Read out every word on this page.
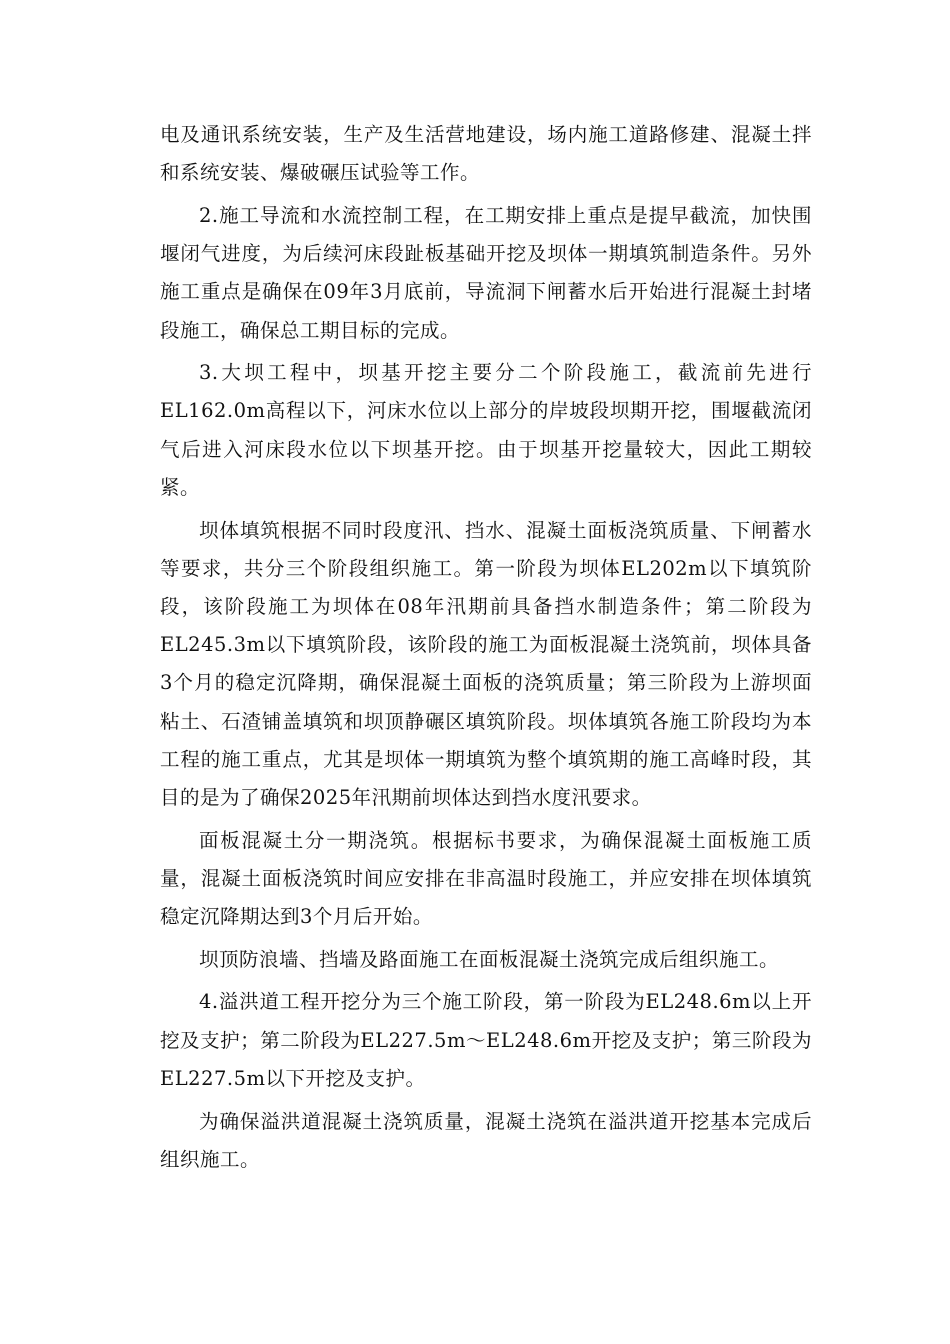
电及通讯系统安装，生产及生活营地建设，场内施工道路修建、混凝土拌和系统安装、爆破碾压试验等工作。

2.施工导流和水流控制工程，在工期安排上重点是提早截流，加快围堰闭气进度，为后续河床段趾板基础开挖及坝体一期填筑制造条件。另外施工重点是确保在09年3月底前，导流洞下闸蓄水后开始进行混凝土封堵段施工，确保总工期目标的完成。

3.大坝工程中，坝基开挖主要分二个阶段施工，截流前先进行EL162.0m高程以下，河床水位以上部分的岸坡段坝期开挖，围堰截流闭气后进入河床段水位以下坝基开挖。由于坝基开挖量较大，因此工期较紧。

坝体填筑根据不同时段度汛、挡水、混凝土面板浇筑质量、下闸蓄水等要求，共分三个阶段组织施工。第一阶段为坝体EL202m以下填筑阶段，该阶段施工为坝体在08年汛期前具备挡水制造条件；第二阶段为EL245.3m以下填筑阶段，该阶段的施工为面板混凝土浇筑前，坝体具备3个月的稳定沉降期，确保混凝土面板的浇筑质量；第三阶段为上游坝面粘土、石渣铺盖填筑和坝顶静碾区填筑阶段。坝体填筑各施工阶段均为本工程的施工重点，尤其是坝体一期填筑为整个填筑期的施工高峰时段，其目的是为了确保2025年汛期前坝体达到挡水度汛要求。

面板混凝土分一期浇筑。根据标书要求，为确保混凝土面板施工质量，混凝土面板浇筑时间应安排在非高温时段施工，并应安排在坝体填筑稳定沉降期达到3个月后开始。

坝顶防浪墙、挡墙及路面施工在面板混凝土浇筑完成后组织施工。

4.溢洪道工程开挖分为三个施工阶段，第一阶段为EL248.6m以上开挖及支护；第二阶段为EL227.5m～EL248.6m开挖及支护；第三阶段为EL227.5m以下开挖及支护。

为确保溢洪道混凝土浇筑质量，混凝土浇筑在溢洪道开挖基本完成后组织施工。
